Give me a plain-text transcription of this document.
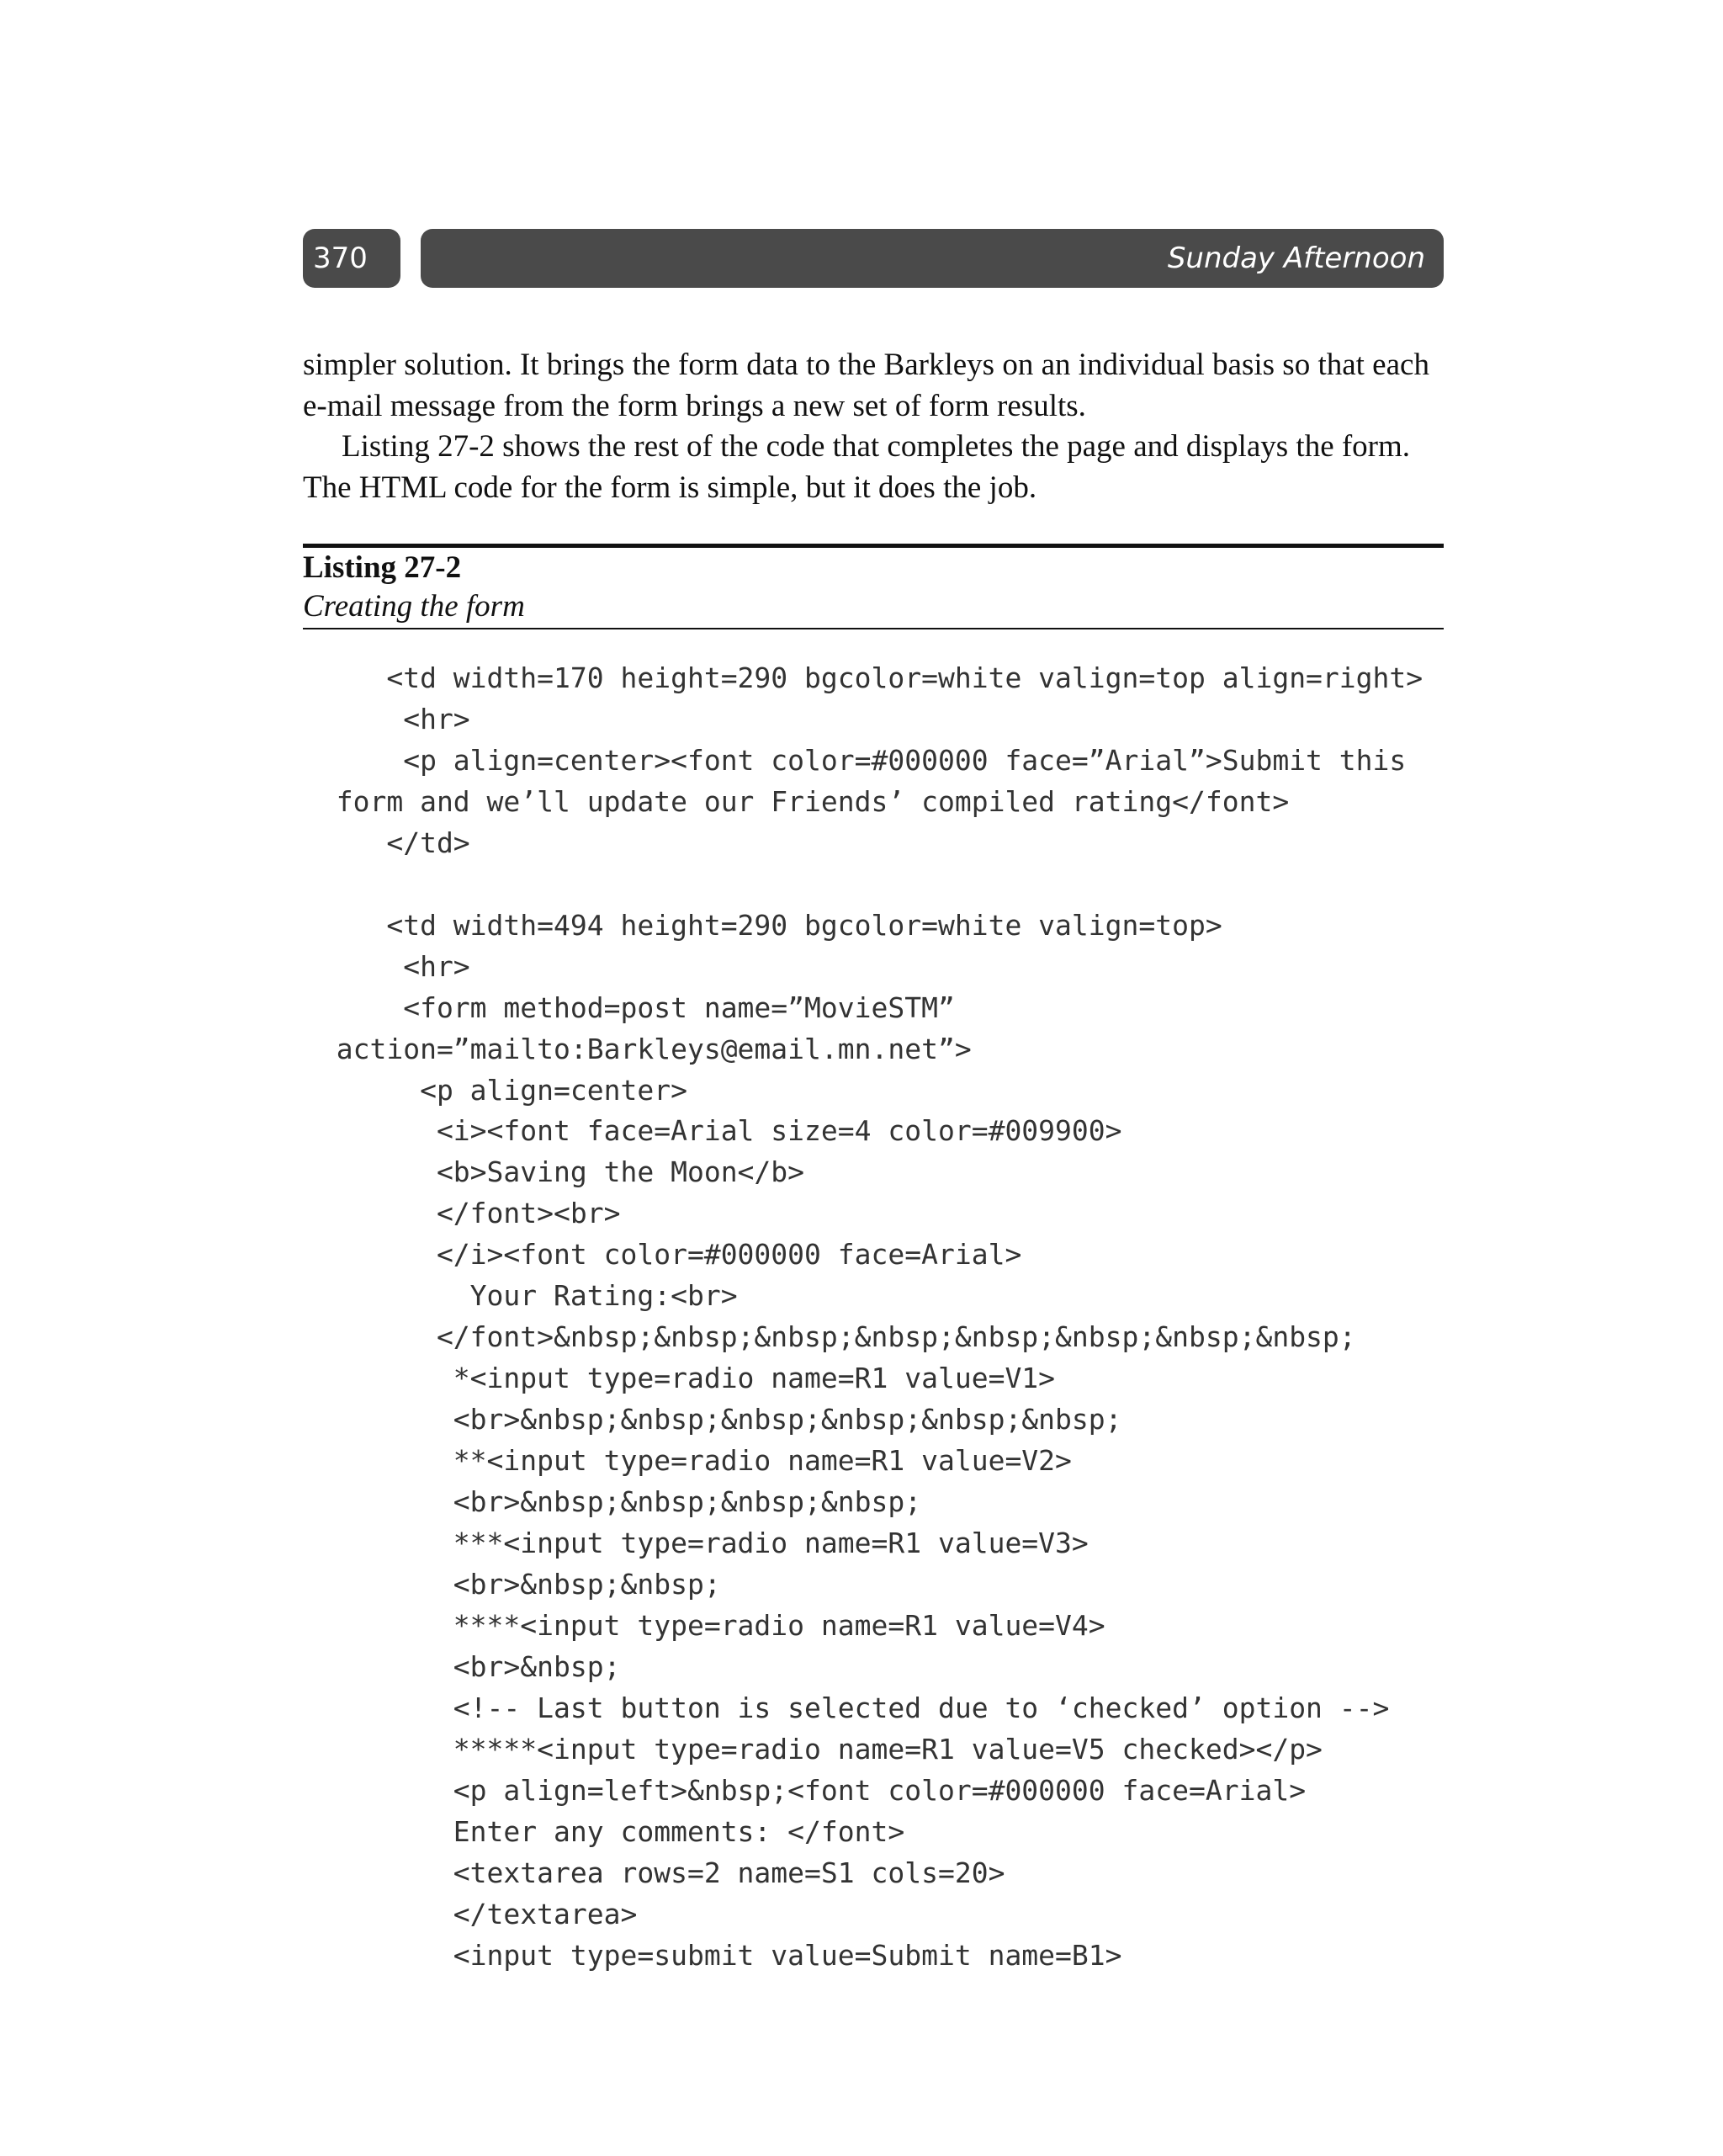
370	Sunday Afternoon

simpler solution. It brings the form data to the Barkleys on an individual basis so that each e-mail message from the form brings a new set of form results.

Listing 27-2 shows the rest of the code that completes the page and displays the form. The HTML code for the form is simple, but it does the job.

Listing 27-2
Creating the form
<td width=170 height=290 bgcolor=white valign=top align=right>
<hr>
<p align=center><font color=#000000 face=”Arial”>Submit this
form and we’ll update our Friends’ compiled rating</font>
</td>

<td width=494 height=290 bgcolor=white valign=top>
<hr>
<form method=post name=”MovieSTM”
action=”mailto:Barkleys@email.mn.net”>
<p align=center>
<i><font face=Arial size=4 color=#009900>
<b>Saving the Moon</b>
</font><br>
</i><font color=#000000 face=Arial>
Your Rating:<br>
</font>&nbsp;&nbsp;&nbsp;&nbsp;&nbsp;&nbsp;&nbsp;&nbsp;
*<input type=radio name=R1 value=V1>
<br>&nbsp;&nbsp;&nbsp;&nbsp;&nbsp;&nbsp;
**<input type=radio name=R1 value=V2>
<br>&nbsp;&nbsp;&nbsp;&nbsp;
***<input type=radio name=R1 value=V3>
<br>&nbsp;&nbsp;
****<input type=radio name=R1 value=V4>
<br>&nbsp;
<!-- Last button is selected due to ‘checked’ option -->
*****<input type=radio name=R1 value=V5 checked></p>
<p align=left>&nbsp;<font color=#000000 face=Arial>
Enter any comments: </font>
<textarea rows=2 name=S1 cols=20>
</textarea>
<input type=submit value=Submit name=B1>
